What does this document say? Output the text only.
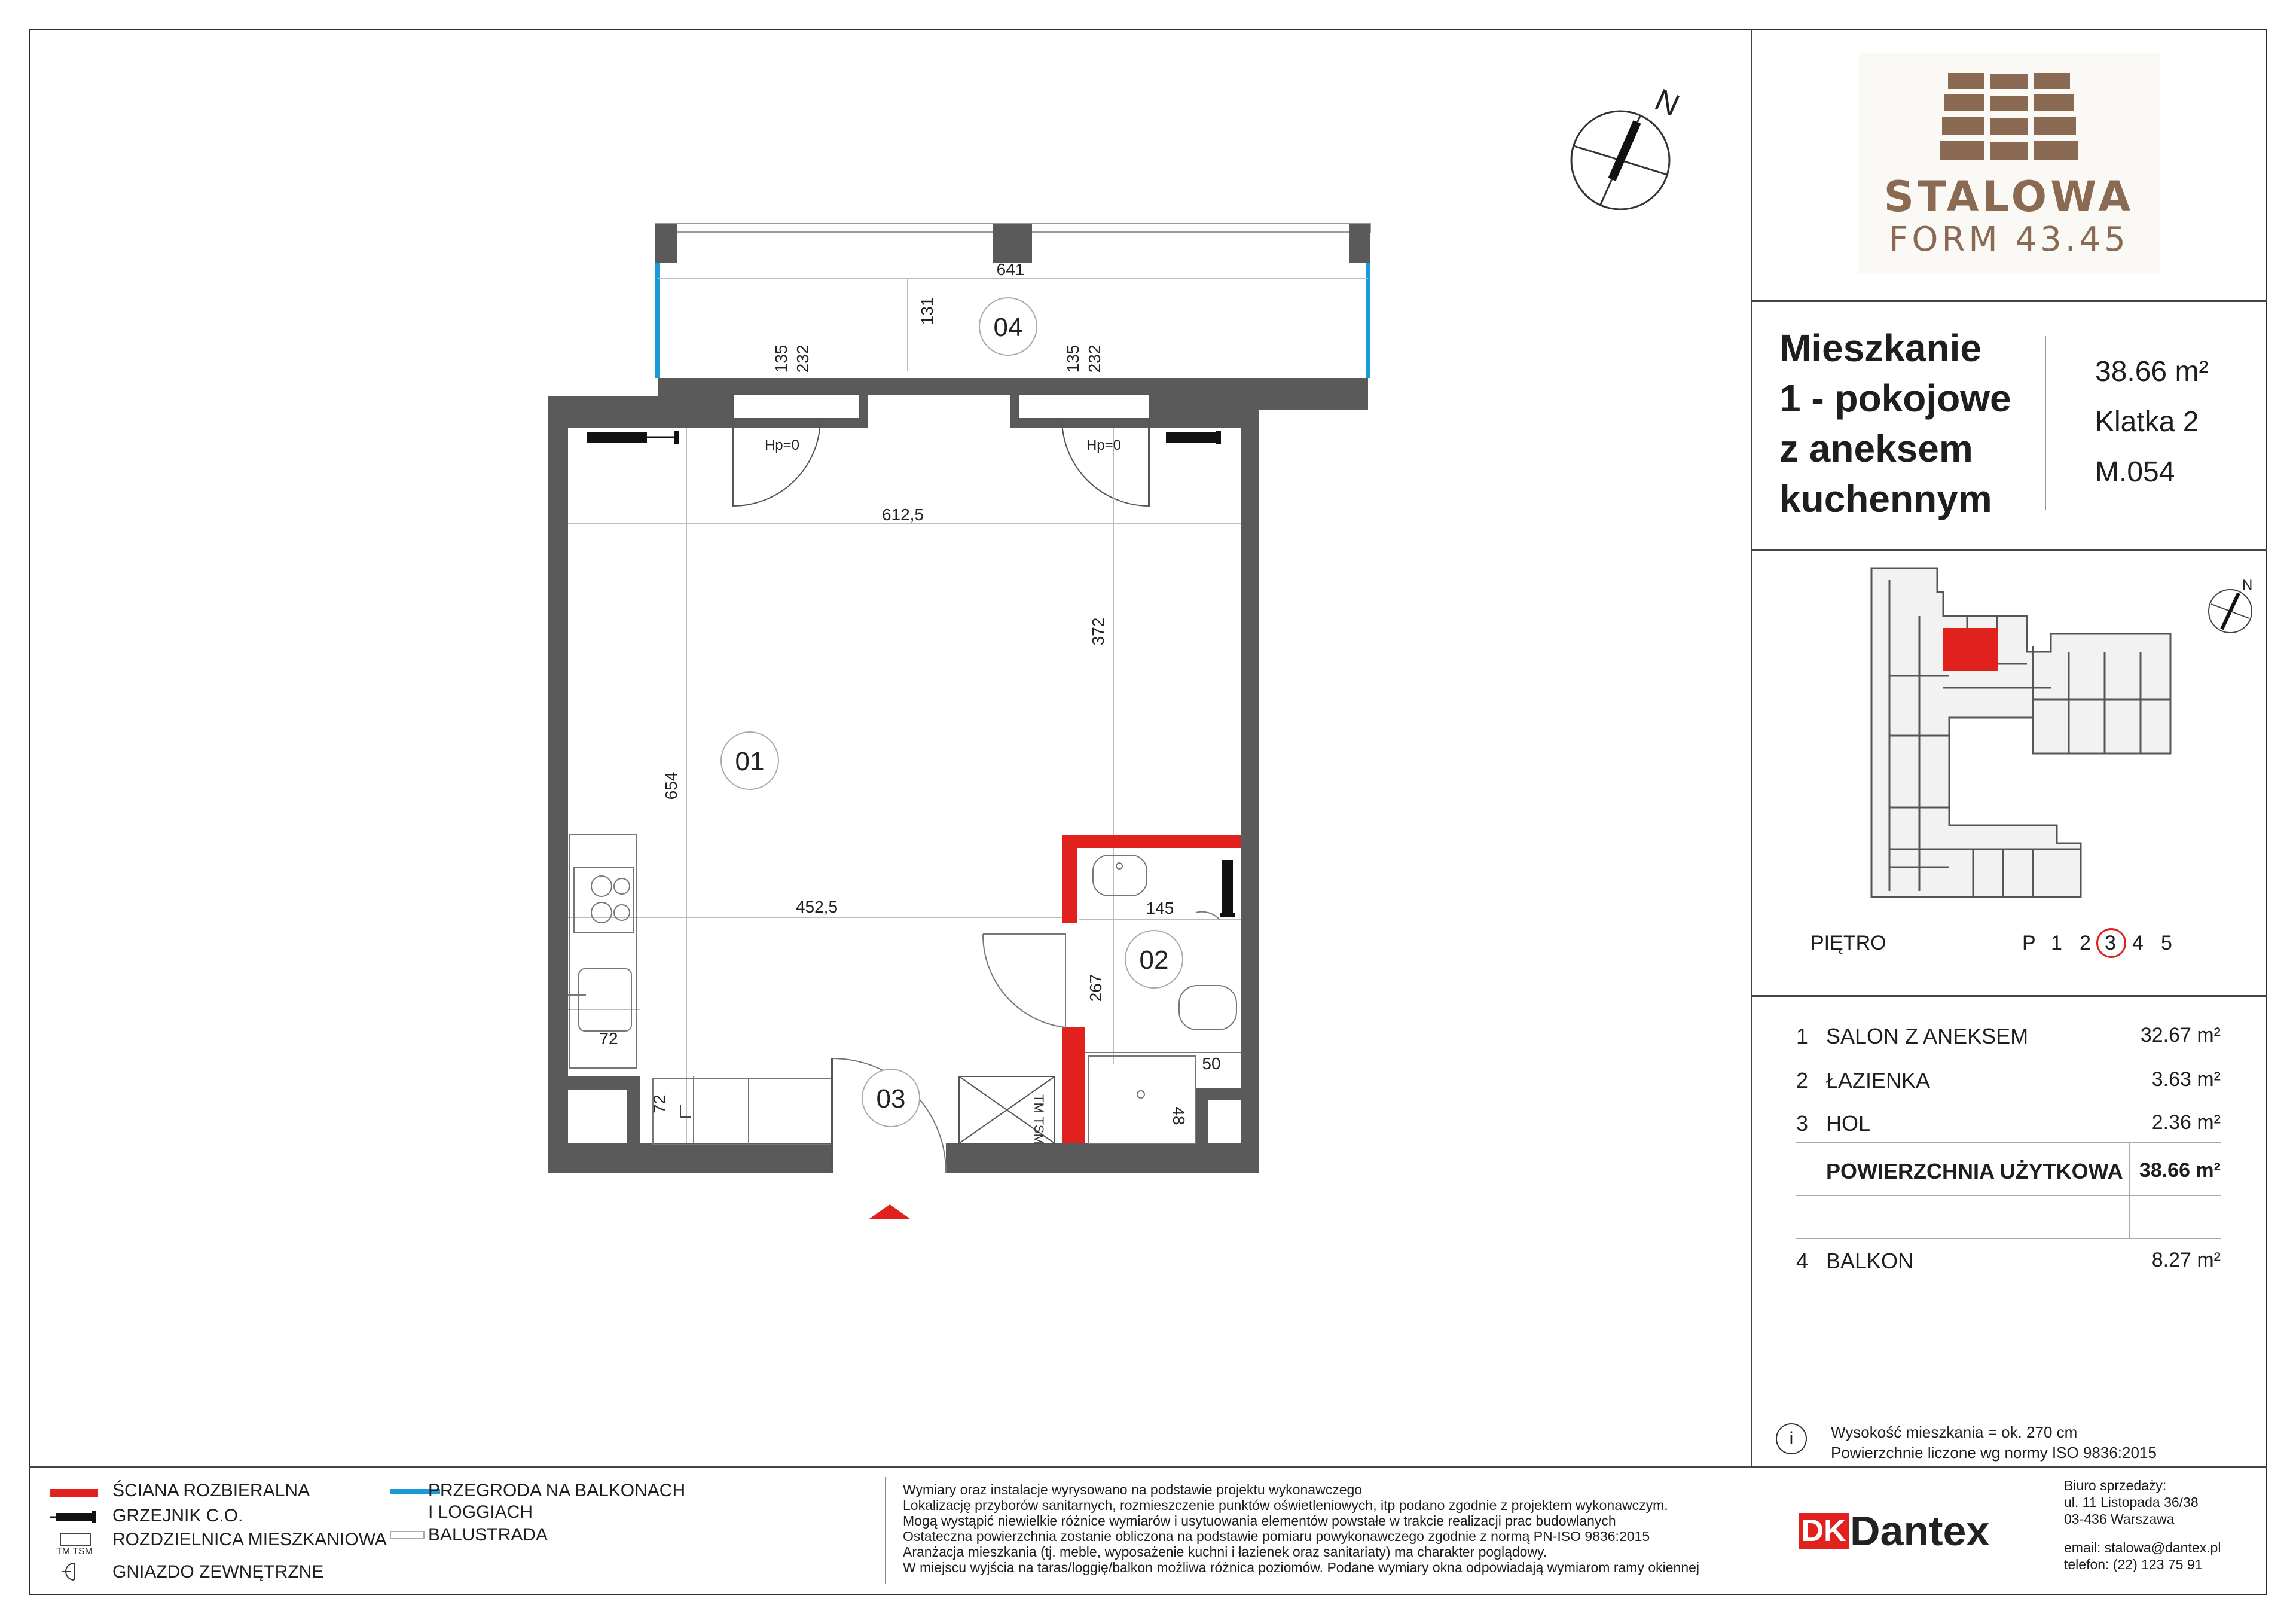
STALOWA
FORM 43.45
Mieszkanie
1 - pokojowe
z aneksem
kuchennym
38.66 m²
Klatka 2
M.054
N
PIĘTRO	P 1 2 3 4 5
1 SALON Z ANEKSEM	32.67 m²
2 ŁAZIENKA	3.63 m²
3 HOL	2.36 m²
POWIERZCHNIA UŻYTKOWA 38.66 m²
4 BALKON	8.27 m²
i	Wysokość mieszkania = ok. 270 cm
Powierzchnie liczone wg normy ISO 9836:2015
ŚCIANA ROZBIERALNA
GRZEJNIK C.O.
TM TSM
ROZDZIELNICA MIESZKANIOWA
GNIAZDO ZEWNĘTRZNE
PRZEGRODA NA BALKONACH
I LOGGIACH
BALUSTRADA
Wymiary oraz instalacje wyrysowano na podstawie projektu wykonawczego
Lokalizację przyborów sanitarnych, rozmieszczenie punktów oświetleniowych, itp podano zgodnie z projektem wykonawczym.
Mogą wystąpić niewielkie różnice wymiarów i usytuowania elementów powstałe w trakcie realizacji prac budowlanych
Ostateczna powierzchnia zostanie obliczona na podstawie pomiaru powykonawczego zgodnie z normą PN-ISO 9836:2015
Aranżacja mieszkania (tj. meble, wyposażenie kuchni i łazienek oraz sanitariaty) ma charakter poglądowy.
W miejscu wyjścia na taras/loggię/balkon możliwa różnica poziomów. Podane wymiary okna odpowiadają wymiarom ramy okiennej
DK Dantex
Biuro sprzedaży:
ul. 11 Listopada 36/38
03-436 Warszawa
email: stalowa@dantex.pl
telefon: (22) 123 75 91
N
TM TSM
04
01
02
03
641
131
135 232	135 232
Hp=0	Hp=0
612,5
372
654
452,5	145
267
72
72
50
48
